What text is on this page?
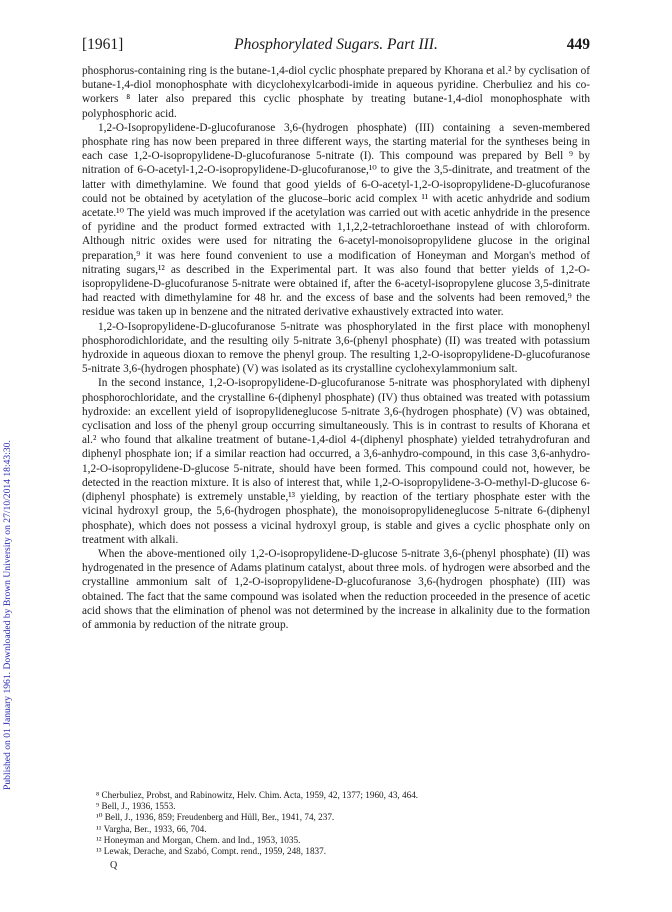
Published on 01 January 1961. Downloaded by Brown University on 27/10/2014 18:43:30.
[1961]	Phosphorylated Sugars. Part III.	449

phosphorus-containing ring is the butane-1,4-diol cyclic phosphate prepared by Khorana et al.² by cyclisation of butane-1,4-diol monophosphate with dicyclohexylcarbodi-imide in aqueous pyridine. Cherbuliez and his co-workers ⁸ later also prepared this cyclic phosphate by treating butane-1,4-diol monophosphate with polyphosphoric acid.

1,2-O-Isopropylidene-D-glucofuranose 3,6-(hydrogen phosphate) (III) containing a seven-membered phosphate ring has now been prepared in three different ways, the starting material for the syntheses being in each case 1,2-O-isopropylidene-D-glucofuranose 5-nitrate (I). This compound was prepared by Bell ⁹ by nitration of 6-O-acetyl-1,2-O-isopropylidene-D-glucofuranose,¹⁰ to give the 3,5-dinitrate, and treatment of the latter with dimethylamine. We found that good yields of 6-O-acetyl-1,2-O-isopropylidene-D-glucofuranose could not be obtained by acetylation of the glucose–boric acid complex ¹¹ with acetic anhydride and sodium acetate.¹⁰ The yield was much improved if the acetylation was carried out with acetic anhydride in the presence of pyridine and the product formed extracted with 1,1,2,2-tetrachloroethane instead of with chloroform. Although nitric oxides were used for nitrating the 6-acetyl-monoisopropylidene glucose in the original preparation,⁹ it was here found convenient to use a modification of Honeyman and Morgan's method of nitrating sugars,¹² as described in the Experimental part. It was also found that better yields of 1,2-O-isopropylidene-D-glucofuranose 5-nitrate were obtained if, after the 6-acetyl-isopropylene glucose 3,5-dinitrate had reacted with dimethylamine for 48 hr. and the excess of base and the solvents had been removed,⁹ the residue was taken up in benzene and the nitrated derivative exhaustively extracted into water.

1,2-O-Isopropylidene-D-glucofuranose 5-nitrate was phosphorylated in the first place with monophenyl phosphorodichloridate, and the resulting oily 5-nitrate 3,6-(phenyl phosphate) (II) was treated with potassium hydroxide in aqueous dioxan to remove the phenyl group. The resulting 1,2-O-isopropylidene-D-glucofuranose 5-nitrate 3,6-(hydrogen phosphate) (V) was isolated as its crystalline cyclohexylammonium salt.

In the second instance, 1,2-O-isopropylidene-D-glucofuranose 5-nitrate was phosphorylated with diphenyl phosphorochloridate, and the crystalline 6-(diphenyl phosphate) (IV) thus obtained was treated with potassium hydroxide: an excellent yield of isopropylideneglucose 5-nitrate 3,6-(hydrogen phosphate) (V) was obtained, cyclisation and loss of the phenyl group occurring simultaneously. This is in contrast to results of Khorana et al.² who found that alkaline treatment of butane-1,4-diol 4-(diphenyl phosphate) yielded tetrahydrofuran and diphenyl phosphate ion; if a similar reaction had occurred, a 3,6-anhydro-compound, in this case 3,6-anhydro-1,2-O-isopropylidene-D-glucose 5-nitrate, should have been formed. This compound could not, however, be detected in the reaction mixture. It is also of interest that, while 1,2-O-isopropylidene-3-O-methyl-D-glucose 6-(diphenyl phosphate) is extremely unstable,¹³ yielding, by reaction of the tertiary phosphate ester with the vicinal hydroxyl group, the 5,6-(hydrogen phosphate), the monoisopropylideneglucose 5-nitrate 6-(diphenyl phosphate), which does not possess a vicinal hydroxyl group, is stable and gives a cyclic phosphate only on treatment with alkali.

When the above-mentioned oily 1,2-O-isopropylidene-D-glucose 5-nitrate 3,6-(phenyl phosphate) (II) was hydrogenated in the presence of Adams platinum catalyst, about three mols. of hydrogen were absorbed and the crystalline ammonium salt of 1,2-O-isopropylidene-D-glucofuranose 3,6-(hydrogen phosphate) (III) was obtained. The fact that the same compound was isolated when the reduction proceeded in the presence of acetic acid shows that the elimination of phenol was not determined by the increase in alkalinity due to the formation of ammonia by reduction of the nitrate group.

⁸ Cherbuliez, Probst, and Rabinowitz, Helv. Chim. Acta, 1959, 42, 1377; 1960, 43, 464.
⁹ Bell, J., 1936, 1553.
¹⁰ Bell, J., 1936, 859; Freudenberg and Hüll, Ber., 1941, 74, 237.
¹¹ Vargha, Ber., 1933, 66, 704.
¹² Honeyman and Morgan, Chem. and Ind., 1953, 1035.
¹³ Lewak, Derache, and Szabó, Compt. rend., 1959, 248, 1837.
Q
